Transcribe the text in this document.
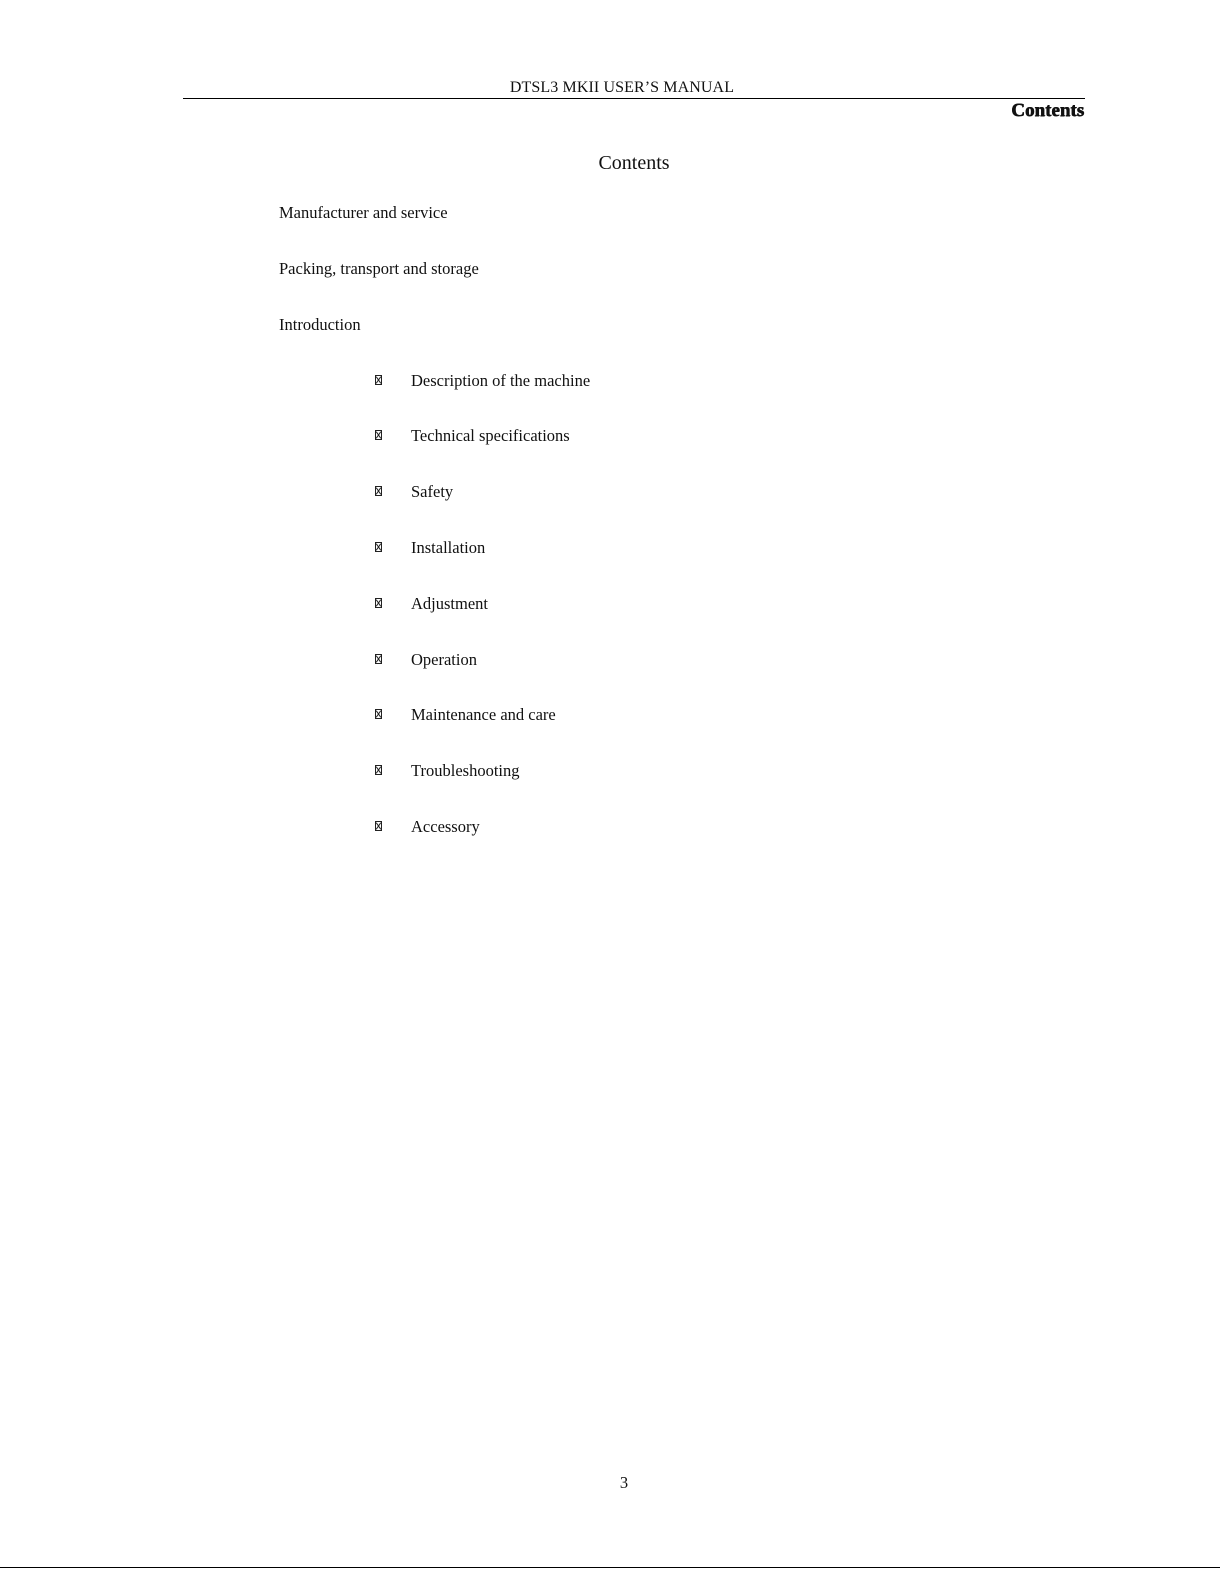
DTSL3 MKII USER’S MANUAL
Contents
Contents
Manufacturer and service
Packing, transport and storage
Introduction
Description of the machine
Technical specifications
Safety
Installation
Adjustment
Operation
Maintenance and care
Troubleshooting
Accessory
3
